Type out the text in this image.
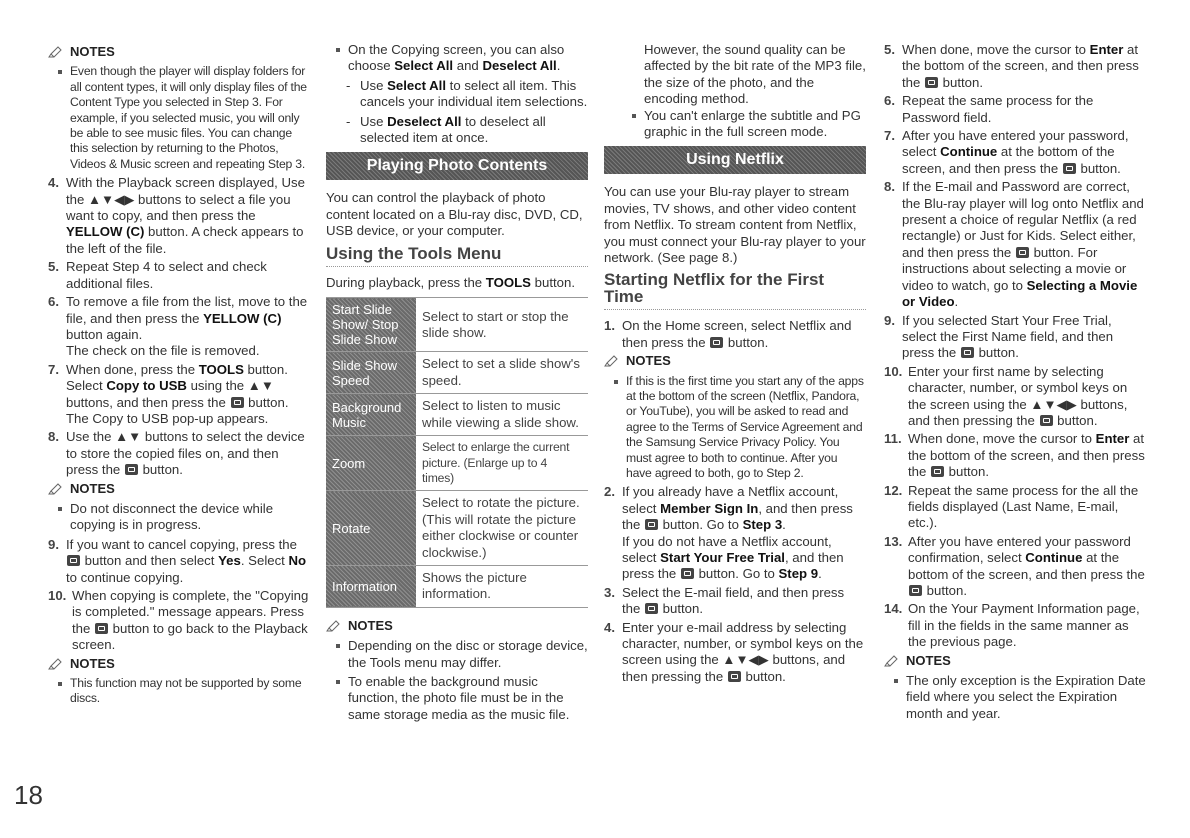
NOTES
Even though the player will display folders for all content types, it will only display files of the Content Type you selected in Step 3. For example, if you selected music, you will only be able to see music files. You can change this selection by returning to the Photos, Videos & Music screen and repeating Step 3.
4. With the Playback screen displayed, Use the ▲▼◀▶ buttons to select a file you want to copy, and then press the YELLOW (C) button. A check appears to the left of the file.
5. Repeat Step 4 to select and check additional files.
6. To remove a file from the list, move to the file, and then press the YELLOW (C) button again.
The check on the file is removed.
7. When done, press the TOOLS button. Select Copy to USB using the ▲▼ buttons, and then press the  button. The Copy to USB pop-up appears.
8. Use the ▲▼ buttons to select the device to store the copied files on, and then press the  button.
NOTES
Do not disconnect the device while copying is in progress.
9. If you want to cancel copying, press the  button and then select Yes. Select No to continue copying.
10. When copying is complete, the "Copying is completed." message appears. Press the  button to go back to the Playback screen.
NOTES
This function may not be supported by some discs.
On the Copying screen, you can also choose Select All and Deselect All.
- Use Select All to select all item. This cancels your individual item selections.
- Use Deselect All to deselect all selected item at once.
Playing Photo Contents
You can control the playback of photo content located on a Blu-ray disc, DVD, CD, USB device, or your computer.
Using the Tools Menu
During playback, press the TOOLS button.
Start Slide Show/ Stop Slide Show	Select to start or stop the slide show.
Slide Show Speed	Select to set a slide show's speed.
Background Music	Select to listen to music while viewing a slide show.
Zoom	Select to enlarge the current picture. (Enlarge up to 4 times)
Rotate	Select to rotate the picture. (This will rotate the picture either clockwise or counter clockwise.)
Information	Shows the picture information.
NOTES
Depending on the disc or storage device, the Tools menu may differ.
To enable the background music function, the photo file must be in the same storage media as the music file.
However, the sound quality can be affected by the bit rate of the MP3 file, the size of the photo, and the encoding method.
You can't enlarge the subtitle and PG graphic in the full screen mode.
Using Netflix
You can use your Blu-ray player to stream movies, TV shows, and other video content from Netflix. To stream content from Netflix, you must connect your Blu-ray player to your network. (See page 8.)
Starting Netflix for the First Time
1. On the Home screen, select Netflix and then press the  button.
NOTES
If this is the first time you start any of the apps at the bottom of the screen (Netflix, Pandora, or YouTube), you will be asked to read and agree to the Terms of Service Agreement and the Samsung Service Privacy Policy. You must agree to both to continue. After you have agreed to both, go to Step 2.
2. If you already have a Netflix account, select Member Sign In, and then press the  button. Go to Step 3.
If you do not have a Netflix account, select Start Your Free Trial, and then press the  button. Go to Step 9.
3. Select the E-mail field, and then press the  button.
4. Enter your e-mail address by selecting character, number, or symbol keys on the screen using the ▲▼◀▶ buttons, and then pressing the  button.
5. When done, move the cursor to Enter at the bottom of the screen, and then press the  button.
6. Repeat the same process for the Password field.
7. After you have entered your password, select Continue at the bottom of the screen, and then press the  button.
8. If the E-mail and Password are correct, the Blu-ray player will log onto Netflix and present a choice of regular Netflix (a red rectangle) or Just for Kids. Select either, and then press the  button. For instructions about selecting a movie or video to watch, go to Selecting a Movie or Video.
9. If you selected Start Your Free Trial, select the First Name field, and then press the  button.
10. Enter your first name by selecting character, number, or symbol keys on the screen using the ▲▼◀▶ buttons, and then pressing the  button.
11. When done, move the cursor to Enter at the bottom of the screen, and then press the  button.
12. Repeat the same process for the all the fields displayed (Last Name, E-mail, etc.).
13. After you have entered your password confirmation, select Continue at the bottom of the screen, and then press the  button.
14. On the Your Payment Information page, fill in the fields in the same manner as the previous page.
NOTES
The only exception is the Expiration Date field where you select the Expiration month and year.
18
